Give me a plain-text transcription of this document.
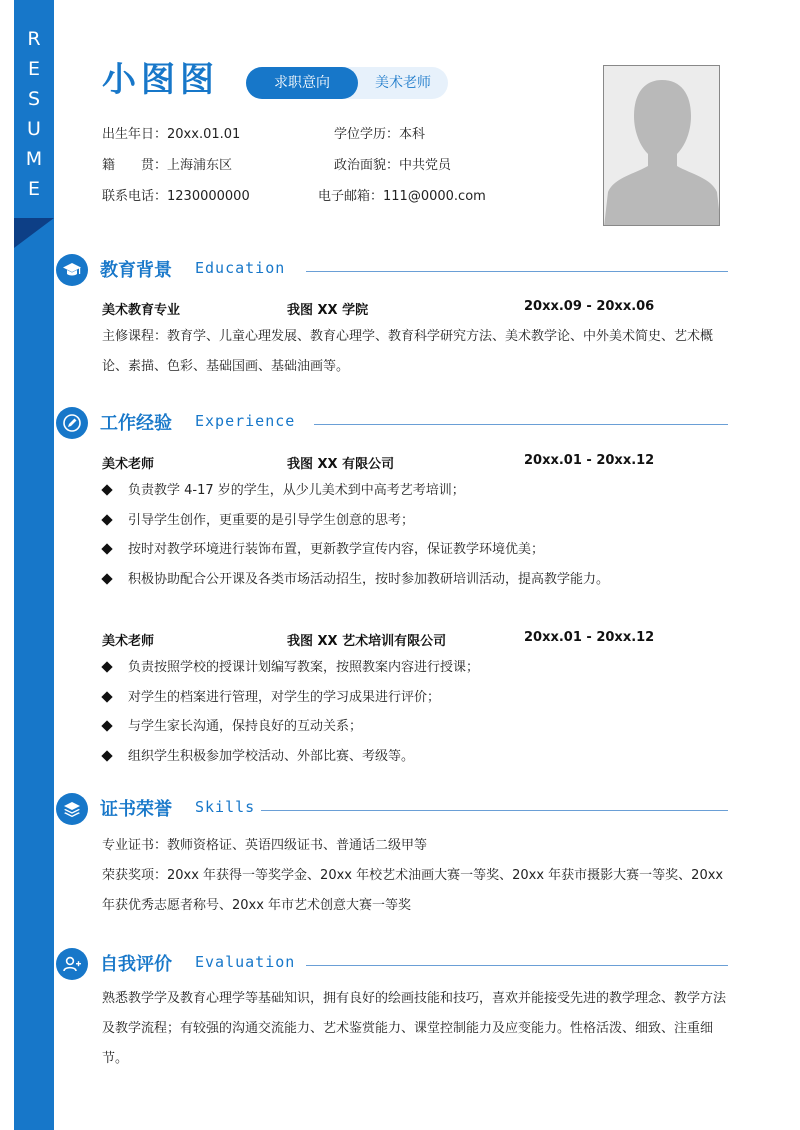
R
E
S
U
M
E
小图图	求职意向	美术老师
出生年日：20xx.01.01	学位学历：本科
籍　　贯：上海浦东区	政治面貌：中共党员
联系电话：1230000000	电子邮箱：111@0000.com
教育背景 Education
美术教育专业	我图 XX 学院	20xx.09 - 20xx.06
主修课程：教育学、儿童心理发展、教育心理学、教育科学研究方法、美术教学论、中外美术简史、艺术概论、素描、色彩、基础国画、基础油画等。
工作经验 Experience
美术老师	我图 XX 有限公司	20xx.01 - 20xx.12
负责教学 4-17 岁的学生，从少儿美术到中高考艺考培训；
引导学生创作，更重要的是引导学生创意的思考；
按时对教学环境进行装饰布置，更新教学宣传内容，保证教学环境优美；
积极协助配合公开课及各类市场活动招生，按时参加教研培训活动，提高教学能力。
美术老师	我图 XX 艺术培训有限公司	20xx.01 - 20xx.12
负责按照学校的授课计划编写教案，按照教案内容进行授课；
对学生的档案进行管理，对学生的学习成果进行评价；
与学生家长沟通，保持良好的互动关系；
组织学生积极参加学校活动、外部比赛、考级等。
证书荣誉 Skills
专业证书：教师资格证、英语四级证书、普通话二级甲等
荣获奖项：20xx 年获得一等奖学金、20xx 年校艺术油画大赛一等奖、20xx 年获市摄影大赛一等奖、20xx 年获优秀志愿者称号、20xx 年市艺术创意大赛一等奖
自我评价 Evaluation
熟悉教学学及教育心理学等基础知识，拥有良好的绘画技能和技巧，喜欢并能接受先进的教学理念、教学方法及教学流程；有较强的沟通交流能力、艺术鉴赏能力、课堂控制能力及应变能力。性格活泼、细致、注重细节。
